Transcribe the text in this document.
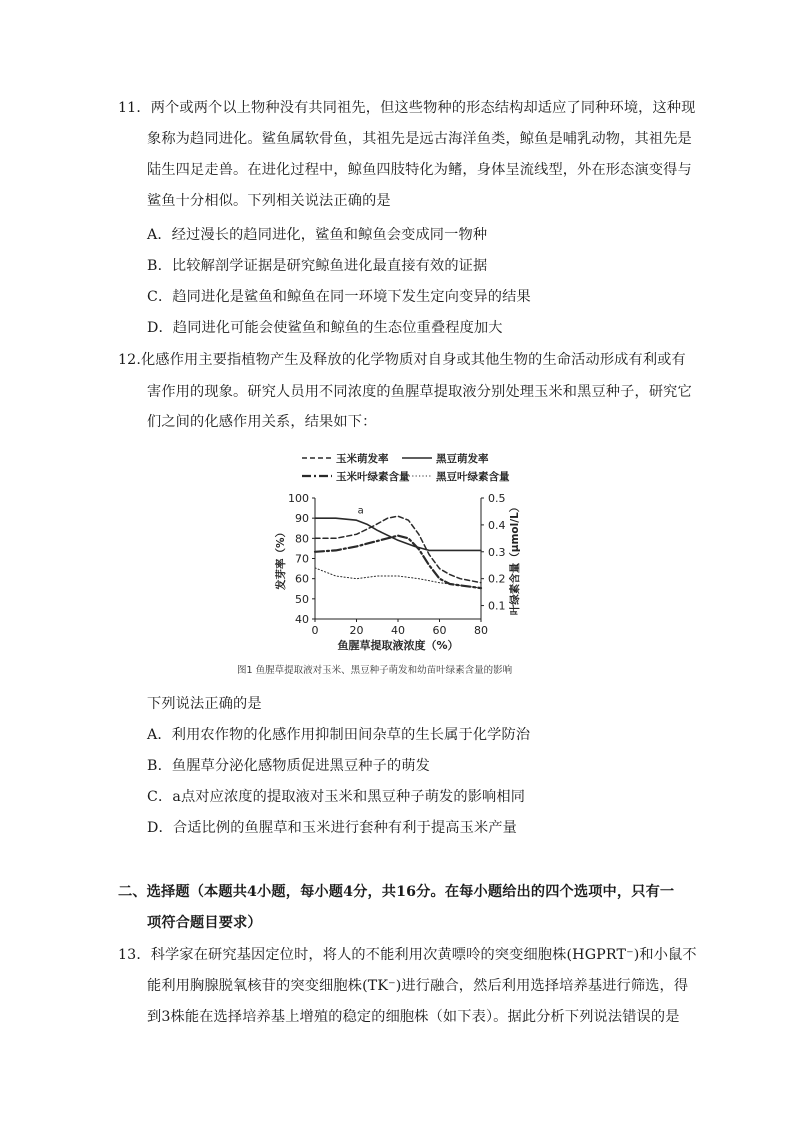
11．两个或两个以上物种没有共同祖先，但这些物种的形态结构却适应了同种环境，这种现
象称为趋同进化。鲨鱼属软骨鱼，其祖先是远古海洋鱼类，鲸鱼是哺乳动物，其祖先是
陆生四足走兽。在进化过程中，鲸鱼四肢特化为鳍，身体呈流线型，外在形态演变得与
鲨鱼十分相似。下列相关说法正确的是
A．经过漫长的趋同进化，鲨鱼和鲸鱼会变成同一物种
B．比较解剖学证据是研究鲸鱼进化最直接有效的证据
C．趋同进化是鲨鱼和鲸鱼在同一环境下发生定向变异的结果
D．趋同进化可能会使鲨鱼和鲸鱼的生态位重叠程度加大
12.化感作用主要指植物产生及释放的化学物质对自身或其他生物的生命活动形成有利或有
害作用的现象。研究人员用不同浓度的鱼腥草提取液分别处理玉米和黑豆种子，研究它
们之间的化感作用关系，结果如下：
玉米萌发率	黑豆萌发率
玉米叶绿素含量	黑豆叶绿素含量
40
50
60
70
80
90
100
0.1
0.2
0.3
0.4
0.5
0	20	40	60	80
鱼腥草提取液浓度（%）
发芽率（%）	叶绿素含量（μmol/L）
a
图1 鱼腥草提取液对玉米、黑豆种子萌发和幼苗叶绿素含量的影响
下列说法正确的是
A．利用农作物的化感作用抑制田间杂草的生长属于化学防治
B．鱼腥草分泌化感物质促进黑豆种子的萌发
C．a点对应浓度的提取液对玉米和黑豆种子萌发的影响相同
D．合适比例的鱼腥草和玉米进行套种有利于提高玉米产量
二、选择题（本题共4小题，每小题4分，共16分。在每小题给出的四个选项中，只有一
项符合题目要求）
13．科学家在研究基因定位时，将人的不能利用次黄嘌呤的突变细胞株(HGPRT⁻)和小鼠不
能利用胸腺脱氧核苷的突变细胞株(TK⁻)进行融合，然后利用选择培养基进行筛选，得
到3株能在选择培养基上增殖的稳定的细胞株（如下表）。据此分析下列说法错误的是
